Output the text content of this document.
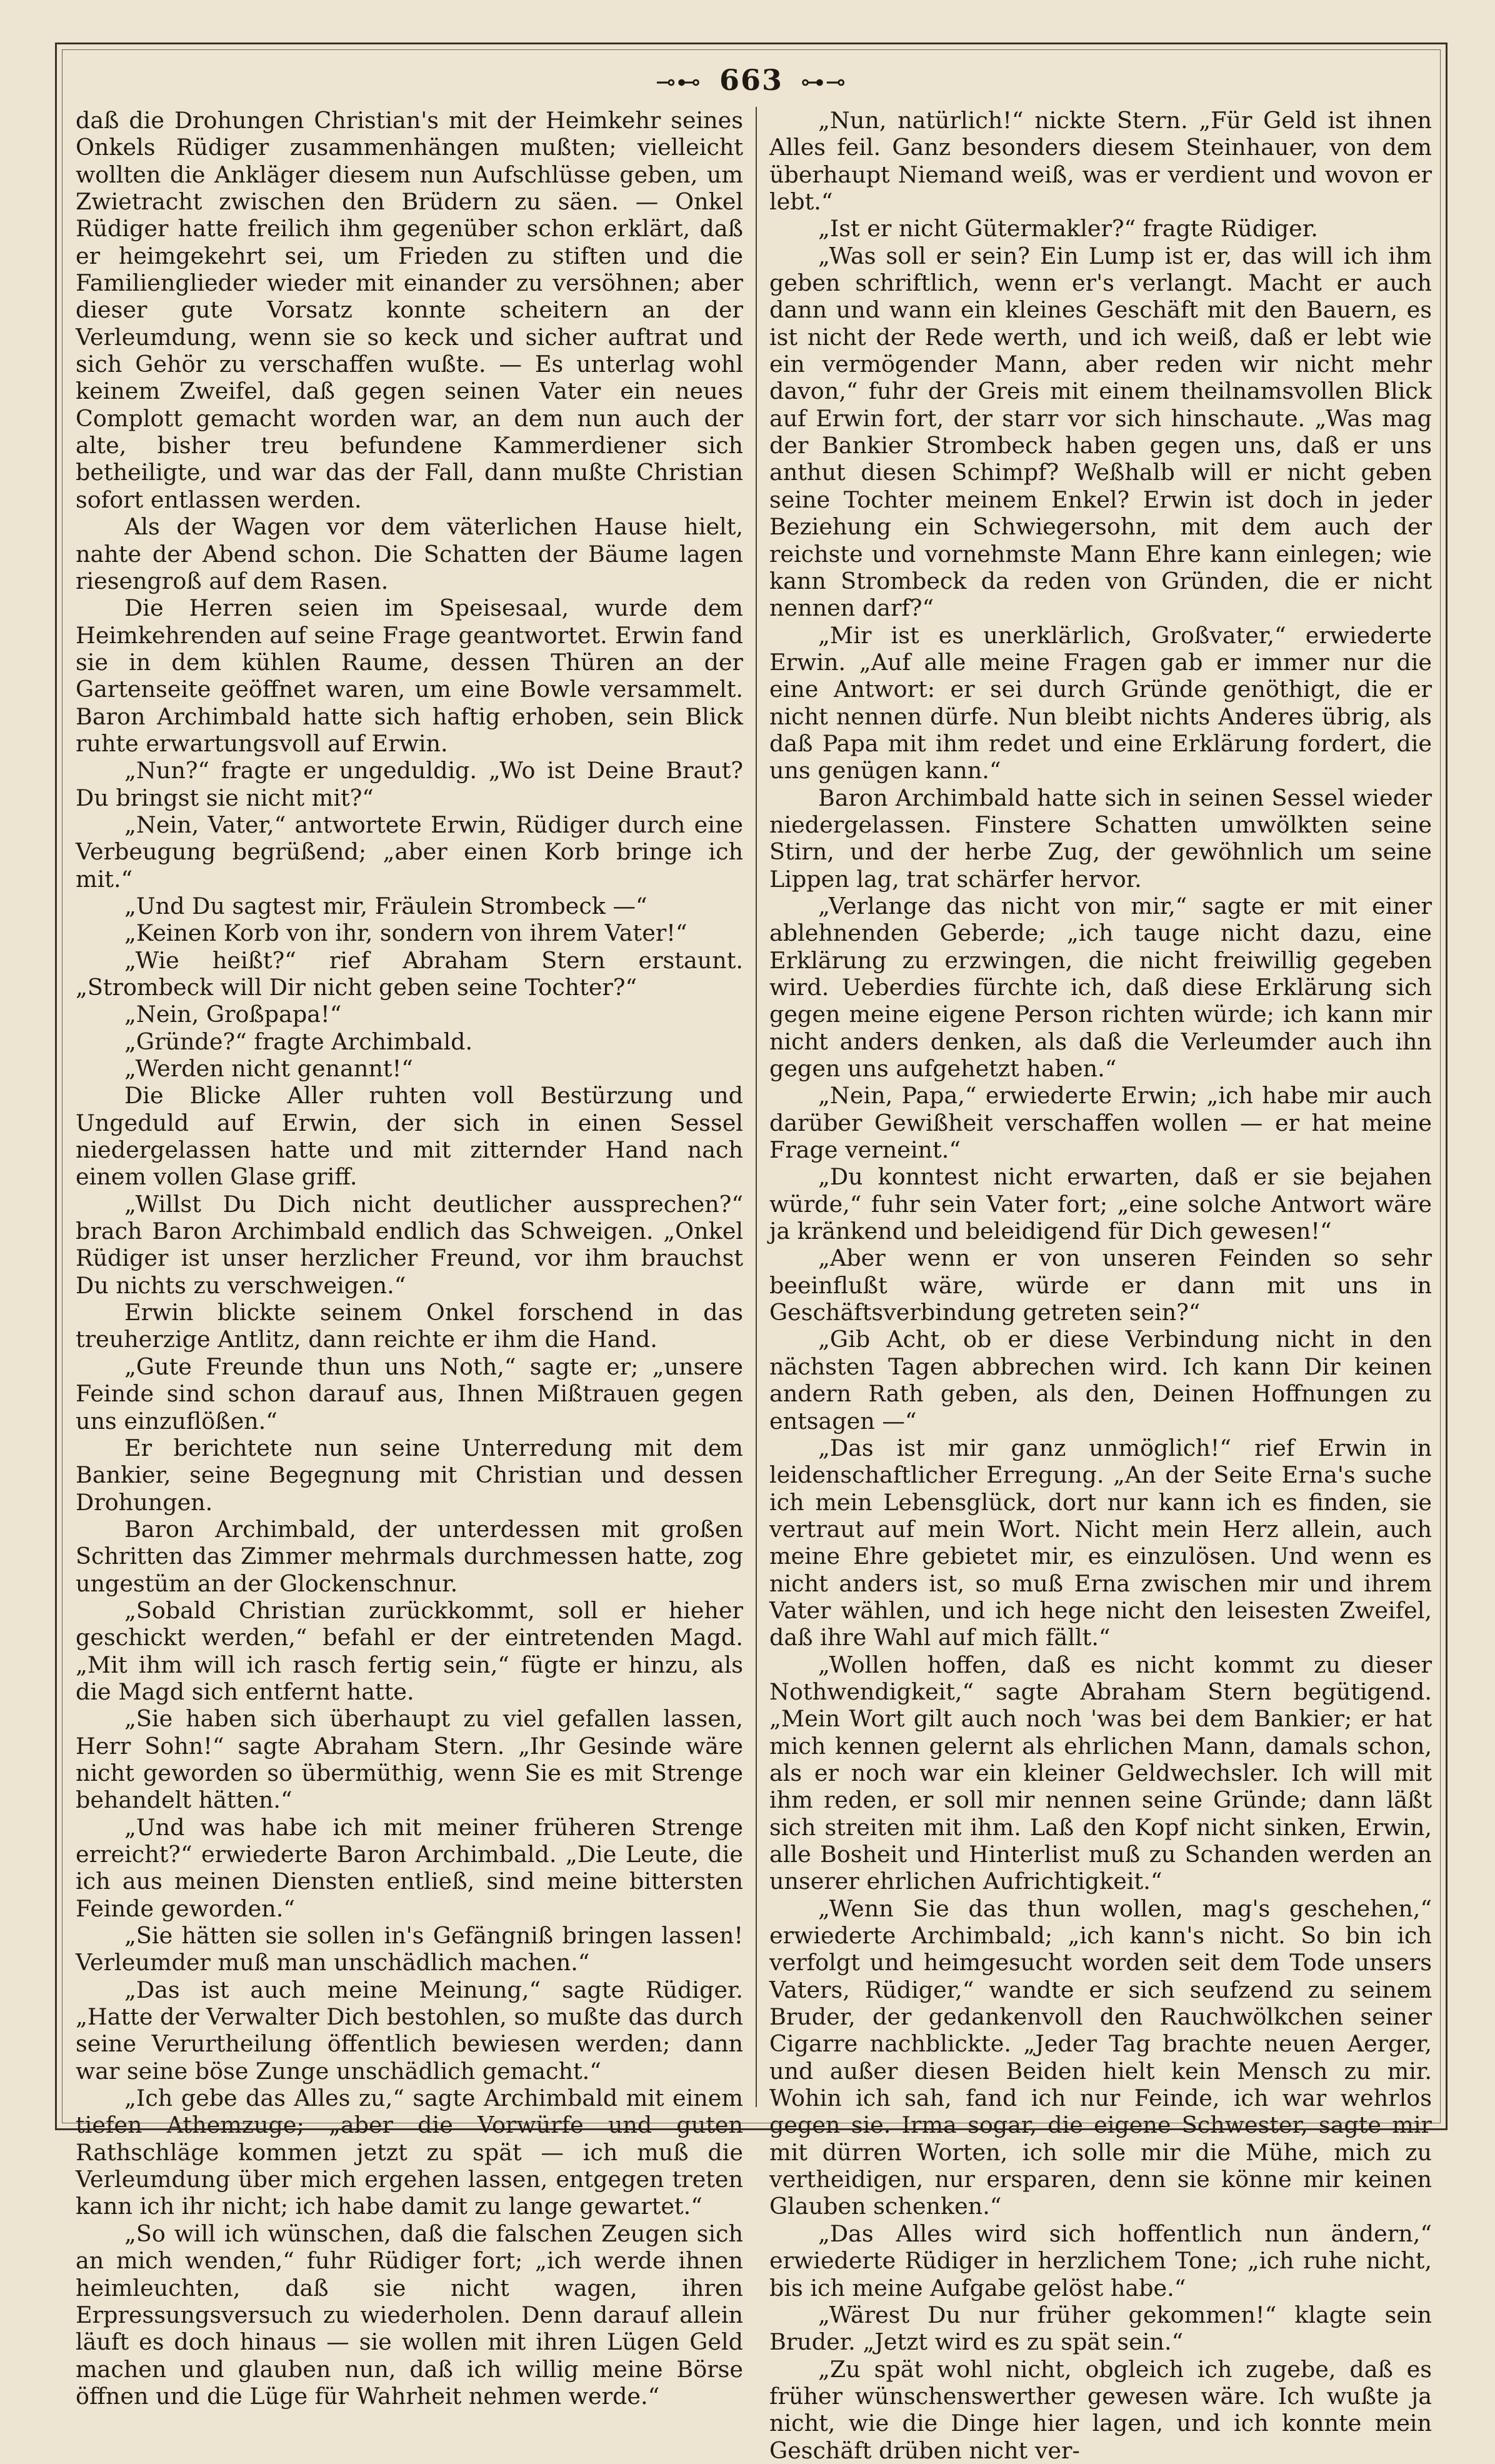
⊸⊷ 663 ⊶⊸

daß die Drohungen Christian's mit der Heimkehr seines Onkels Rüdiger zusammenhängen mußten; vielleicht wollten die Ankläger diesem nun Aufschlüsse geben, um Zwietracht zwischen den Brüdern zu säen. — Onkel Rüdiger hatte freilich ihm gegenüber schon erklärt, daß er heimgekehrt sei, um Frieden zu stiften und die Familienglieder wieder mit einander zu versöhnen; aber dieser gute Vorsatz konnte scheitern an der Verleumdung, wenn sie so keck und sicher auftrat und sich Gehör zu verschaffen wußte. — Es unterlag wohl keinem Zweifel, daß gegen seinen Vater ein neues Complott gemacht worden war, an dem nun auch der alte, bisher treu befundene Kammerdiener sich betheiligte, und war das der Fall, dann mußte Christian sofort entlassen werden.

Als der Wagen vor dem väterlichen Hause hielt, nahte der Abend schon. Die Schatten der Bäume lagen riesengroß auf dem Rasen.

Die Herren seien im Speisesaal, wurde dem Heimkehrenden auf seine Frage geantwortet. Erwin fand sie in dem kühlen Raume, dessen Thüren an der Gartenseite geöffnet waren, um eine Bowle versammelt. Baron Archimbald hatte sich haftig erhoben, sein Blick ruhte erwartungsvoll auf Erwin.

„Nun?“ fragte er ungeduldig. „Wo ist Deine Braut? Du bringst sie nicht mit?“

„Nein, Vater,“ antwortete Erwin, Rüdiger durch eine Verbeugung begrüßend; „aber einen Korb bringe ich mit.“

„Und Du sagtest mir, Fräulein Strombeck —“

„Keinen Korb von ihr, sondern von ihrem Vater!“

„Wie heißt?“ rief Abraham Stern erstaunt. „Strombeck will Dir nicht geben seine Tochter?“

„Nein, Großpapa!“

„Gründe?“ fragte Archimbald.

„Werden nicht genannt!“

Die Blicke Aller ruhten voll Bestürzung und Ungeduld auf Erwin, der sich in einen Sessel niedergelassen hatte und mit zitternder Hand nach einem vollen Glase griff.

„Willst Du Dich nicht deutlicher aussprechen?“ brach Baron Archimbald endlich das Schweigen. „Onkel Rüdiger ist unser herzlicher Freund, vor ihm brauchst Du nichts zu verschweigen.“

Erwin blickte seinem Onkel forschend in das treuherzige Antlitz, dann reichte er ihm die Hand.

„Gute Freunde thun uns Noth,“ sagte er; „unsere Feinde sind schon darauf aus, Ihnen Mißtrauen gegen uns einzuflößen.“

Er berichtete nun seine Unterredung mit dem Bankier, seine Begegnung mit Christian und dessen Drohungen.

Baron Archimbald, der unterdessen mit großen Schritten das Zimmer mehrmals durchmessen hatte, zog ungestüm an der Glockenschnur.

„Sobald Christian zurückkommt, soll er hieher geschickt werden,“ befahl er der eintretenden Magd. „Mit ihm will ich rasch fertig sein,“ fügte er hinzu, als die Magd sich entfernt hatte.

„Sie haben sich überhaupt zu viel gefallen lassen, Herr Sohn!“ sagte Abraham Stern. „Ihr Gesinde wäre nicht geworden so übermüthig, wenn Sie es mit Strenge behandelt hätten.“

„Und was habe ich mit meiner früheren Strenge erreicht?“ erwiederte Baron Archimbald. „Die Leute, die ich aus meinen Diensten entließ, sind meine bittersten Feinde geworden.“

„Sie hätten sie sollen in's Gefängniß bringen lassen! Verleumder muß man unschädlich machen.“

„Das ist auch meine Meinung,“ sagte Rüdiger. „Hatte der Verwalter Dich bestohlen, so mußte das durch seine Verurtheilung öffentlich bewiesen werden; dann war seine böse Zunge unschädlich gemacht.“

„Ich gebe das Alles zu,“ sagte Archimbald mit einem tiefen Athemzuge; „aber die Vorwürfe und guten Rathschläge kommen jetzt zu spät — ich muß die Verleumdung über mich ergehen lassen, entgegen treten kann ich ihr nicht; ich habe damit zu lange gewartet.“

„So will ich wünschen, daß die falschen Zeugen sich an mich wenden,“ fuhr Rüdiger fort; „ich werde ihnen heimleuchten, daß sie nicht wagen, ihren Erpressungsversuch zu wiederholen. Denn darauf allein läuft es doch hinaus — sie wollen mit ihren Lügen Geld machen und glauben nun, daß ich willig meine Börse öffnen und die Lüge für Wahrheit nehmen werde.“

„Nun, natürlich!“ nickte Stern. „Für Geld ist ihnen Alles feil. Ganz besonders diesem Steinhauer, von dem überhaupt Niemand weiß, was er verdient und wovon er lebt.“

„Ist er nicht Gütermakler?“ fragte Rüdiger.

„Was soll er sein? Ein Lump ist er, das will ich ihm geben schriftlich, wenn er's verlangt. Macht er auch dann und wann ein kleines Geschäft mit den Bauern, es ist nicht der Rede werth, und ich weiß, daß er lebt wie ein vermögender Mann, aber reden wir nicht mehr davon,“ fuhr der Greis mit einem theilnamsvollen Blick auf Erwin fort, der starr vor sich hinschaute. „Was mag der Bankier Strombeck haben gegen uns, daß er uns anthut diesen Schimpf? Weßhalb will er nicht geben seine Tochter meinem Enkel? Erwin ist doch in jeder Beziehung ein Schwiegersohn, mit dem auch der reichste und vornehmste Mann Ehre kann einlegen; wie kann Strombeck da reden von Gründen, die er nicht nennen darf?“

„Mir ist es unerklärlich, Großvater,“ erwiederte Erwin. „Auf alle meine Fragen gab er immer nur die eine Antwort: er sei durch Gründe genöthigt, die er nicht nennen dürfe. Nun bleibt nichts Anderes übrig, als daß Papa mit ihm redet und eine Erklärung fordert, die uns genügen kann.“

Baron Archimbald hatte sich in seinen Sessel wieder niedergelassen. Finstere Schatten umwölkten seine Stirn, und der herbe Zug, der gewöhnlich um seine Lippen lag, trat schärfer hervor.

„Verlange das nicht von mir,“ sagte er mit einer ablehnenden Geberde; „ich tauge nicht dazu, eine Erklärung zu erzwingen, die nicht freiwillig gegeben wird. Ueberdies fürchte ich, daß diese Erklärung sich gegen meine eigene Person richten würde; ich kann mir nicht anders denken, als daß die Verleumder auch ihn gegen uns aufgehetzt haben.“

„Nein, Papa,“ erwiederte Erwin; „ich habe mir auch darüber Gewißheit verschaffen wollen — er hat meine Frage verneint.“

„Du konntest nicht erwarten, daß er sie bejahen würde,“ fuhr sein Vater fort; „eine solche Antwort wäre ja kränkend und beleidigend für Dich gewesen!“

„Aber wenn er von unseren Feinden so sehr beeinflußt wäre, würde er dann mit uns in Geschäftsverbindung getreten sein?“

„Gib Acht, ob er diese Verbindung nicht in den nächsten Tagen abbrechen wird. Ich kann Dir keinen andern Rath geben, als den, Deinen Hoffnungen zu entsagen —“

„Das ist mir ganz unmöglich!“ rief Erwin in leidenschaftlicher Erregung. „An der Seite Erna's suche ich mein Lebensglück, dort nur kann ich es finden, sie vertraut auf mein Wort. Nicht mein Herz allein, auch meine Ehre gebietet mir, es einzulösen. Und wenn es nicht anders ist, so muß Erna zwischen mir und ihrem Vater wählen, und ich hege nicht den leisesten Zweifel, daß ihre Wahl auf mich fällt.“

„Wollen hoffen, daß es nicht kommt zu dieser Nothwendigkeit,“ sagte Abraham Stern begütigend. „Mein Wort gilt auch noch 'was bei dem Bankier; er hat mich kennen gelernt als ehrlichen Mann, damals schon, als er noch war ein kleiner Geldwechsler. Ich will mit ihm reden, er soll mir nennen seine Gründe; dann läßt sich streiten mit ihm. Laß den Kopf nicht sinken, Erwin, alle Bosheit und Hinterlist muß zu Schanden werden an unserer ehrlichen Aufrichtigkeit.“

„Wenn Sie das thun wollen, mag's geschehen,“ erwiederte Archimbald; „ich kann's nicht. So bin ich verfolgt und heimgesucht worden seit dem Tode unsers Vaters, Rüdiger,“ wandte er sich seufzend zu seinem Bruder, der gedankenvoll den Rauchwölkchen seiner Cigarre nachblickte. „Jeder Tag brachte neuen Aerger, und außer diesen Beiden hielt kein Mensch zu mir. Wohin ich sah, fand ich nur Feinde, ich war wehrlos gegen sie. Irma sogar, die eigene Schwester, sagte mir mit dürren Worten, ich solle mir die Mühe, mich zu vertheidigen, nur ersparen, denn sie könne mir keinen Glauben schenken.“

„Das Alles wird sich hoffentlich nun ändern,“ erwiederte Rüdiger in herzlichem Tone; „ich ruhe nicht, bis ich meine Aufgabe gelöst habe.“

„Wärest Du nur früher gekommen!“ klagte sein Bruder. „Jetzt wird es zu spät sein.“

„Zu spät wohl nicht, obgleich ich zugebe, daß es früher wünschenswerther gewesen wäre. Ich wußte ja nicht, wie die Dinge hier lagen, und ich konnte mein Geschäft drüben nicht ver-
